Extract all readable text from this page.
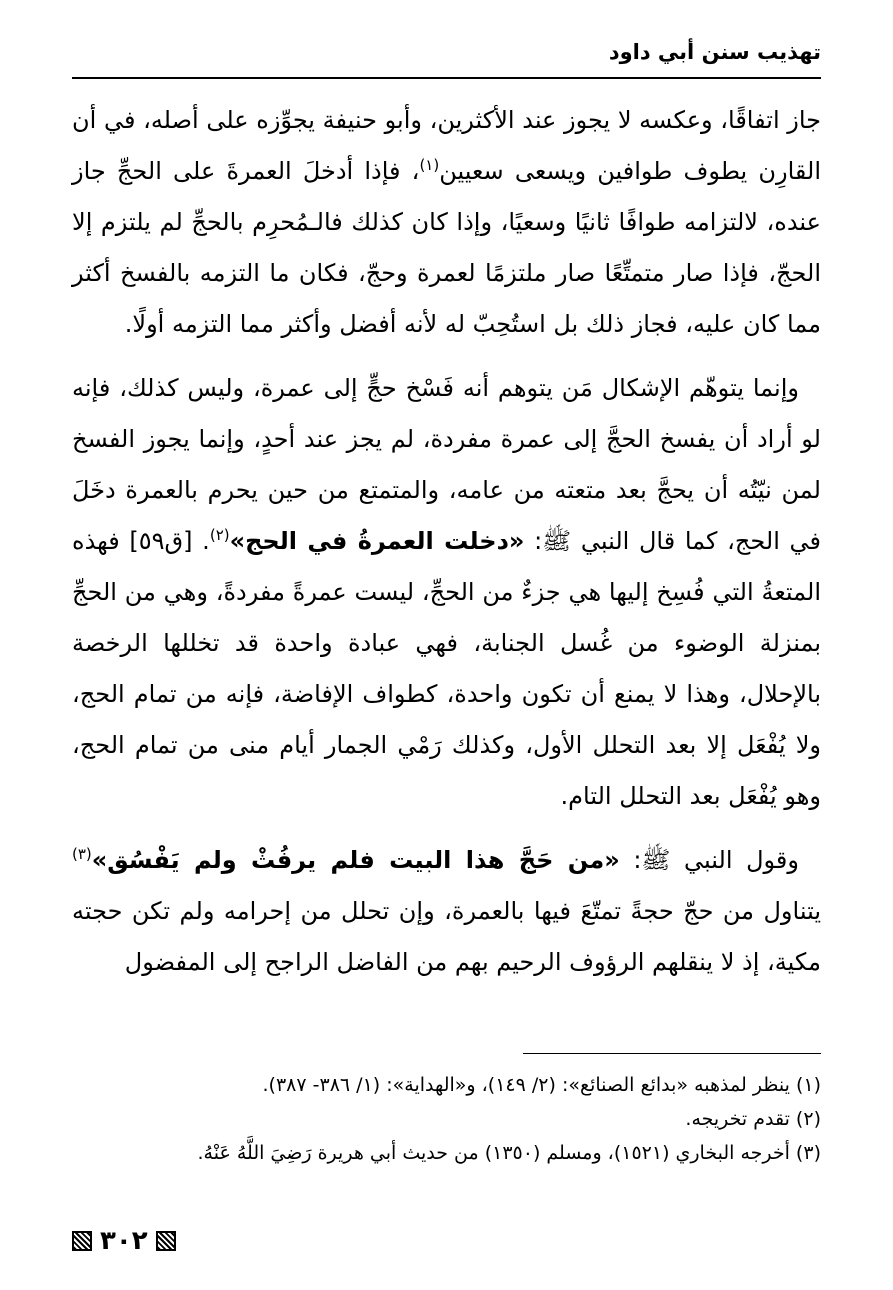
تهذيب سنن أبي داود

جاز اتفاقًا، وعكسه لا يجوز عند الأكثرين، وأبو حنيفة يجوِّزه على أصله، في أن القارِن يطوف طوافين ويسعى سعيين$^{(١)}$، فإذا أدخلَ العمرةَ على الحجِّ جاز عنده، لالتزامه طوافًا ثانيًا وسعيًا، وإذا كان كذلك فالـمُحرِم بالحجِّ لم يلتزم إلا الحجّ، فإذا صار متمتِّعًا صار ملتزمًا لعمرة وحجّ، فكان ما التزمه بالفسخ أكثر مما كان عليه، فجاز ذلك بل استُحِبّ له لأنه أفضل وأكثر مما التزمه أولًا.

وإنما يتوهّم الإشكال مَن يتوهم أنه فَسْخ حجٍّ إلى عمرة، وليس كذلك، فإنه لو أراد أن يفسخ الحجَّ إلى عمرة مفردة، لم يجز عند أحدٍ، وإنما يجوز الفسخ لمن نيّتُه أن يحجَّ بعد متعته من عامه، والمتمتع من حين يحرم بالعمرة دخَلَ في الحج، كما قال النبي ﷺ: «دخلت العمرةُ في الحج»$^{(٢)}$. [ق٥٩] فهذه المتعةُ التي فُسِخ إليها هي جزءٌ من الحجِّ، ليست عمرةً مفردةً، وهي من الحجِّ بمنزلة الوضوء من غُسل الجنابة، فهي عبادة واحدة قد تخللها الرخصة بالإحلال، وهذا لا يمنع أن تكون واحدة، كطواف الإفاضة، فإنه من تمام الحج، ولا يُفْعَل إلا بعد التحلل الأول، وكذلك رَمْي الجمار أيام منى من تمام الحج، وهو يُفْعَل بعد التحلل التام.

وقول النبي ﷺ: «من حَجَّ هذا البيت فلم يرفُثْ ولم يَفْسُق»$^{(٣)}$ يتناول من حجّ حجةً تمتّعَ فيها بالعمرة، وإن تحلل من إحرامه ولم تكن حجته مكية، إذ لا ينقلهم الرؤوف الرحيم بهم من الفاضل الراجح إلى المفضول

(١) ينظر لمذهبه «بدائع الصنائع»: (٢/ ١٤٩)، و«الهداية»: (١/ ٣٨٦- ٣٨٧).

(٢) تقدم تخريجه.

(٣) أخرجه البخاري (١٥٢١)، ومسلم (١٣٥٠) من حديث أبي هريرة رَضِيَ اللَّهُ عَنْهُ.

٣٠٢
